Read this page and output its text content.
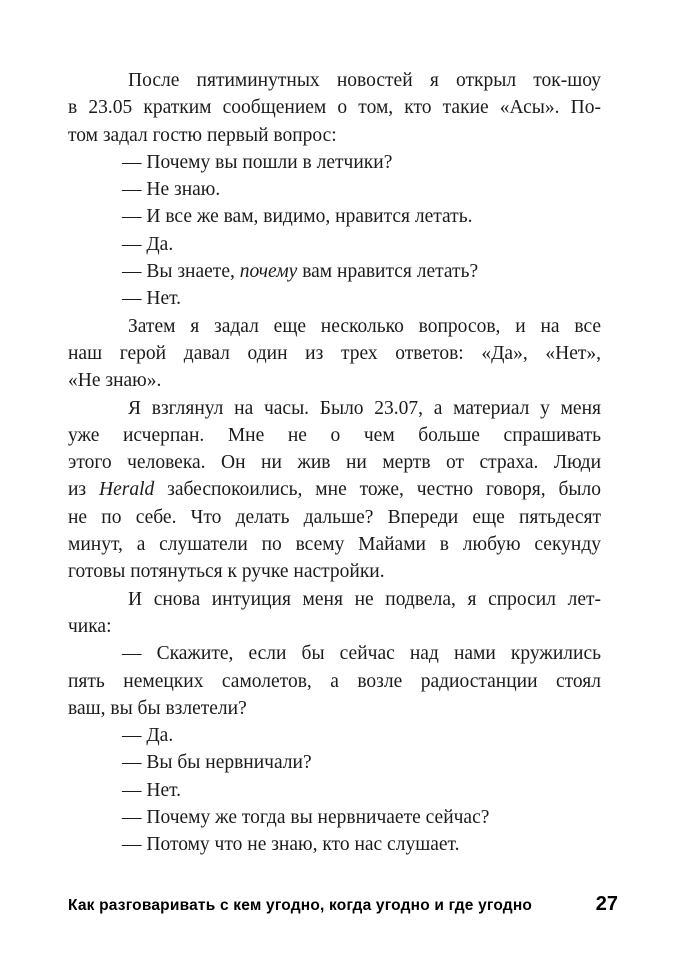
После пятиминутных новостей я открыл ток-шоу
в 23.05 кратким сообщением о том, кто такие «Асы». По-
том задал гостю первый вопрос:
— Почему вы пошли в летчики?
— Не знаю.
— И все же вам, видимо, нравится летать.
— Да.
— Вы знаете, почему вам нравится летать?
— Нет.
Затем я задал еще несколько вопросов, и на все
наш герой давал один из трех ответов: «Да», «Нет»,
«Не знаю».
Я взглянул на часы. Было 23.07, а материал у меня
уже исчерпан. Мне не о чем больше спрашивать
этого человека. Он ни жив ни мертв от страха. Люди
из Herald забеспокоились, мне тоже, честно говоря, было
не по себе. Что делать дальше? Впереди еще пятьдесят
минут, а слушатели по всему Майами в любую секунду
готовы потянуться к ручке настройки.
И снова интуиция меня не подвела, я спросил лет-
чика:
— Скажите, если бы сейчас над нами кружились
пять немецких самолетов, а возле радиостанции стоял
ваш, вы бы взлетели?
— Да.
— Вы бы нервничали?
— Нет.
— Почему же тогда вы нервничаете сейчас?
— Потому что не знаю, кто нас слушает.
Как разговаривать с кем угодно, когда угодно и где угодно	27
